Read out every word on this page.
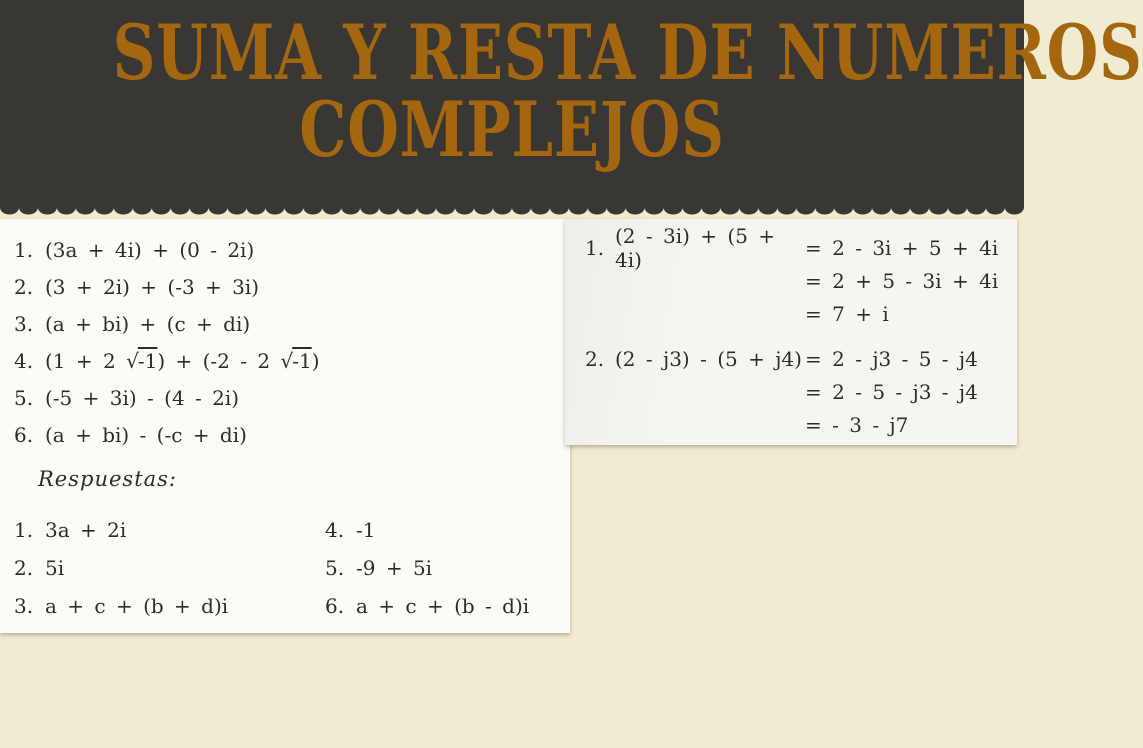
SUMA Y RESTA DE NUMEROS
COMPLEJOS
1. (3a + 4i) + (0 - 2i)
2. (3 + 2i) + (-3 + 3i)
3. (a + bi) + (c + di)
4. (1 + 2 √-1) + (-2 - 2 √-1)
5. (-5 + 3i) - (4 - 2i)
6. (a + bi) - (-c + di)
Respuestas:
1. 3a + 2i
2. 5i
3. a + c + (b + d)i
4. -1
5. -9 + 5i
6. a + c + (b - d)i
1. (2 - 3i) + (5 + 4i)	= 2 - 3i + 5 + 4i
= 2 + 5 - 3i + 4i
= 7 + i
2. (2 - j3) - (5 + j4) = 2 - j3 - 5 - j4
= 2 - 5 - j3 - j4
= - 3 - j7
